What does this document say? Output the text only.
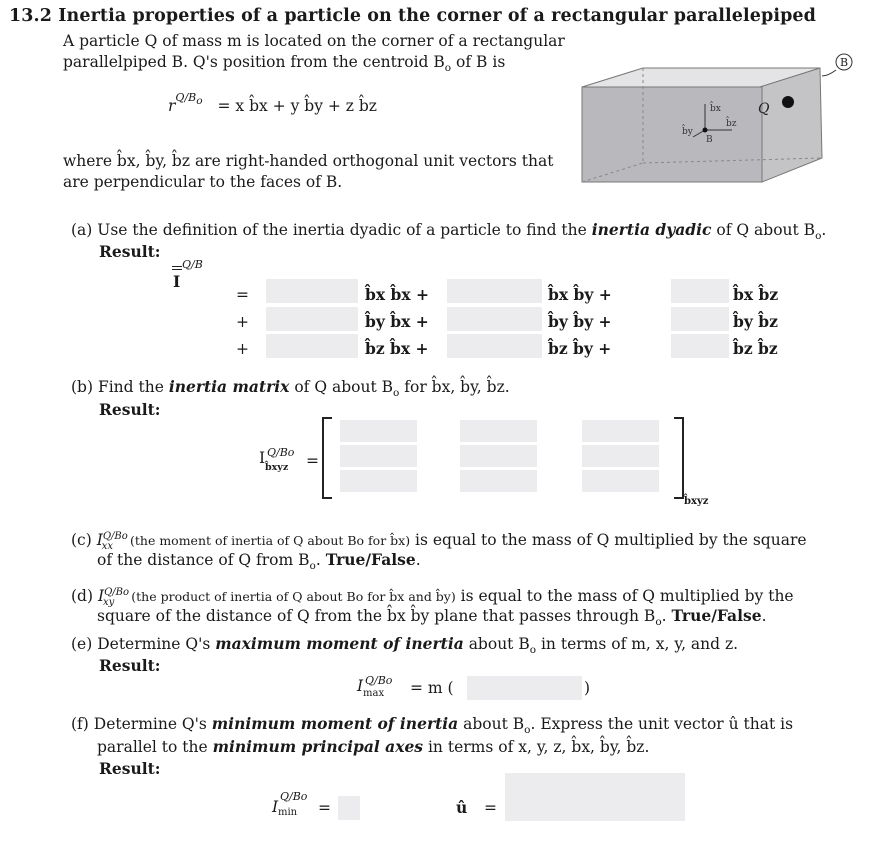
13.2 Inertia properties of a particle on the corner of a rectangular parallelepiped
A particle Q of mass m is located on the corner of a rectangular
parallelpiped B. Q's position from the centroid $B_o$ of B is
$r^{Q/B_o} = x$ b̂x + y b̂y + z b̂z
where b̂x, b̂y, b̂z are right-handed orthogonal unit vectors that
are perpendicular to the faces of B.
b̂x
b̂y
b̂z
B
Q
B
(a) Use the definition of the inertia dyadic of a particle to find the inertia dyadic of Q about $B_o$.
Result:
I
Q/B
=
+
+
b̂x b̂x +
b̂y b̂x +
b̂z b̂x +
b̂x b̂y +
b̂y b̂y +
b̂z b̂y +
b̂x b̂z
b̂y b̂z
b̂z b̂z
(b) Find the inertia matrix of Q about $B_o$ for b̂x, b̂y, b̂z.
Result:
I Q/Bo
b̂xyz =
b̂xyz
(c) $I^{Q/Bo}_{xx}$ (the moment of inertia of Q about Bo for b̂x) is equal to the mass of Q multiplied by the square
of the distance of Q from $B_o$. True/False.
(d) $I^{Q/Bo}_{xy}$ (the product of inertia of Q about Bo for b̂x and b̂y) is equal to the mass of Q multiplied by the
square of the distance of Q from the b̂x b̂y plane that passes through $B_o$. True/False.
(e) Determine Q's maximum moment of inertia about $B_o$ in terms of m, x, y, and z.
Result:
I Q/Bo
max = m (	)
(f) Determine Q's minimum moment of inertia about $B_o$. Express the unit vector û that is
parallel to the minimum principal axes in terms of x, y, z, b̂x, b̂y, b̂z.
Result:
I
Q/Bo
min =	û =
